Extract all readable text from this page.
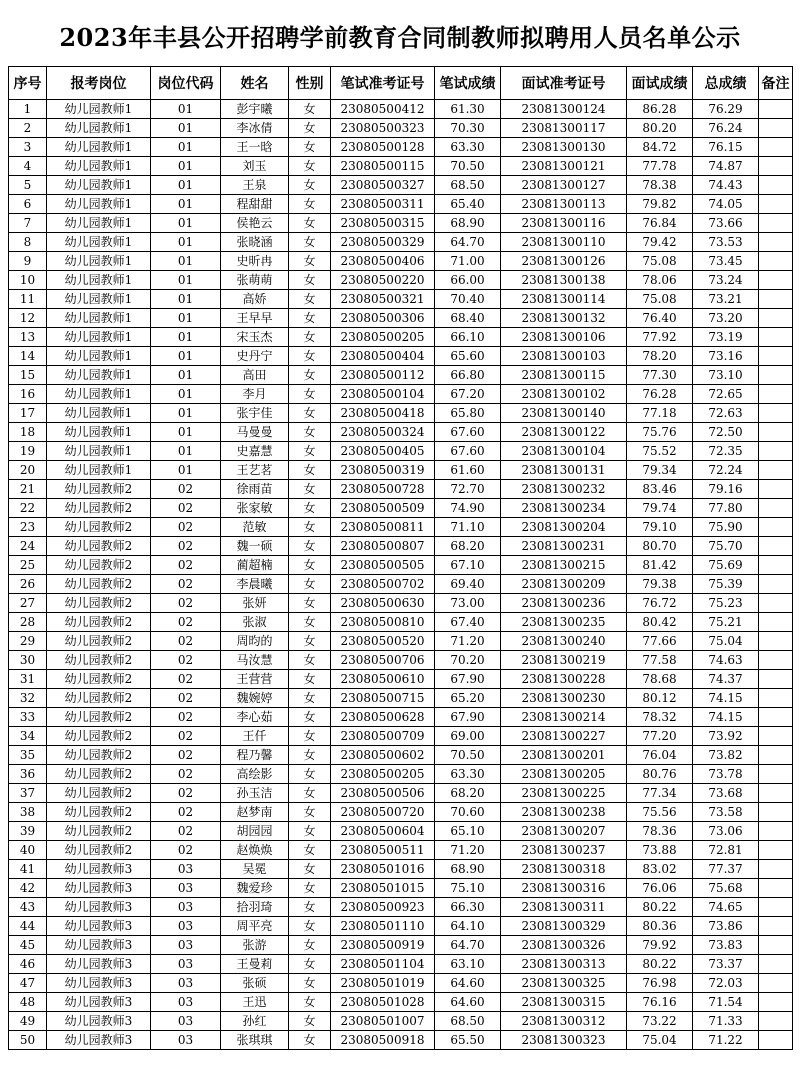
2023年丰县公开招聘学前教育合同制教师拟聘用人员名单公示
序号	报考岗位	岗位代码	姓名	性别	笔试准考证号	笔试成绩	面试准考证号	面试成绩	总成绩	备注
1	幼儿园教师1	01	彭宇曦	女	23080500412	61.30	23081300124	86.28	76.29	
2	幼儿园教师1	01	李冰倩	女	23080500323	70.30	23081300117	80.20	76.24	
3	幼儿园教师1	01	王一晗	女	23080500128	63.30	23081300130	84.72	76.15	
4	幼儿园教师1	01	刘玉	女	23080500115	70.50	23081300121	77.78	74.87	
5	幼儿园教师1	01	王泉	女	23080500327	68.50	23081300127	78.38	74.43	
6	幼儿园教师1	01	程甜甜	女	23080500311	65.40	23081300113	79.82	74.05	
7	幼儿园教师1	01	侯艳云	女	23080500315	68.90	23081300116	76.84	73.66	
8	幼儿园教师1	01	张晓涵	女	23080500329	64.70	23081300110	79.42	73.53	
9	幼儿园教师1	01	史昕冉	女	23080500406	71.00	23081300126	75.08	73.45	
10	幼儿园教师1	01	张萌萌	女	23080500220	66.00	23081300138	78.06	73.24	
11	幼儿园教师1	01	高娇	女	23080500321	70.40	23081300114	75.08	73.21	
12	幼儿园教师1	01	王早早	女	23080500306	68.40	23081300132	76.40	73.20	
13	幼儿园教师1	01	宋玉杰	女	23080500205	66.10	23081300106	77.92	73.19	
14	幼儿园教师1	01	史丹宁	女	23080500404	65.60	23081300103	78.20	73.16	
15	幼儿园教师1	01	高田	女	23080500112	66.80	23081300115	77.30	73.10	
16	幼儿园教师1	01	李月	女	23080500104	67.20	23081300102	76.28	72.65	
17	幼儿园教师1	01	张宇佳	女	23080500418	65.80	23081300140	77.18	72.63	
18	幼儿园教师1	01	马曼曼	女	23080500324	67.60	23081300122	75.76	72.50	
19	幼儿园教师1	01	史嘉慧	女	23080500405	67.60	23081300104	75.52	72.35	
20	幼儿园教师1	01	王艺茗	女	23080500319	61.60	23081300131	79.34	72.24	
21	幼儿园教师2	02	徐雨苗	女	23080500728	72.70	23081300232	83.46	79.16	
22	幼儿园教师2	02	张家敏	女	23080500509	74.90	23081300234	79.74	77.80	
23	幼儿园教师2	02	范敏	女	23080500811	71.10	23081300204	79.10	75.90	
24	幼儿园教师2	02	魏一硕	女	23080500807	68.20	23081300231	80.70	75.70	
25	幼儿园教师2	02	蔺超楠	女	23080500505	67.10	23081300215	81.42	75.69	
26	幼儿园教师2	02	李晨曦	女	23080500702	69.40	23081300209	79.38	75.39	
27	幼儿园教师2	02	张妍	女	23080500630	73.00	23081300236	76.72	75.23	
28	幼儿园教师2	02	张淑	女	23080500810	67.40	23081300235	80.42	75.21	
29	幼儿园教师2	02	周昀的	女	23080500520	71.20	23081300240	77.66	75.04	
30	幼儿园教师2	02	马汝慧	女	23080500706	70.20	23081300219	77.58	74.63	
31	幼儿园教师2	02	王营营	女	23080500610	67.90	23081300228	78.68	74.37	
32	幼儿园教师2	02	魏婉婷	女	23080500715	65.20	23081300230	80.12	74.15	
33	幼儿园教师2	02	李心茹	女	23080500628	67.90	23081300214	78.32	74.15	
34	幼儿园教师2	02	王仟	女	23080500709	69.00	23081300227	77.20	73.92	
35	幼儿园教师2	02	程乃馨	女	23080500602	70.50	23081300201	76.04	73.82	
36	幼儿园教师2	02	高绘影	女	23080500205	63.30	23081300205	80.76	73.78	
37	幼儿园教师2	02	孙玉洁	女	23080500506	68.20	23081300225	77.34	73.68	
38	幼儿园教师2	02	赵梦南	女	23080500720	70.60	23081300238	75.56	73.58	
39	幼儿园教师2	02	胡园园	女	23080500604	65.10	23081300207	78.36	73.06	
40	幼儿园教师2	02	赵焕焕	女	23080500511	71.20	23081300237	73.88	72.81	
41	幼儿园教师3	03	吴冕	女	23080501016	68.90	23081300318	83.02	77.37	
42	幼儿园教师3	03	魏爱珍	女	23080501015	75.10	23081300316	76.06	75.68	
43	幼儿园教师3	03	拾羽琦	女	23080500923	66.30	23081300311	80.22	74.65	
44	幼儿园教师3	03	周平亮	女	23080501110	64.10	23081300329	80.36	73.86	
45	幼儿园教师3	03	张游	女	23080500919	64.70	23081300326	79.92	73.83	
46	幼儿园教师3	03	王曼莉	女	23080501104	63.10	23081300313	80.22	73.37	
47	幼儿园教师3	03	张硕	女	23080501019	64.60	23081300325	76.98	72.03	
48	幼儿园教师3	03	王迅	女	23080501028	64.60	23081300315	76.16	71.54	
49	幼儿园教师3	03	孙红	女	23080501007	68.50	23081300312	73.22	71.33	
50	幼儿园教师3	03	张琪琪	女	23080500918	65.50	23081300323	75.04	71.22	
